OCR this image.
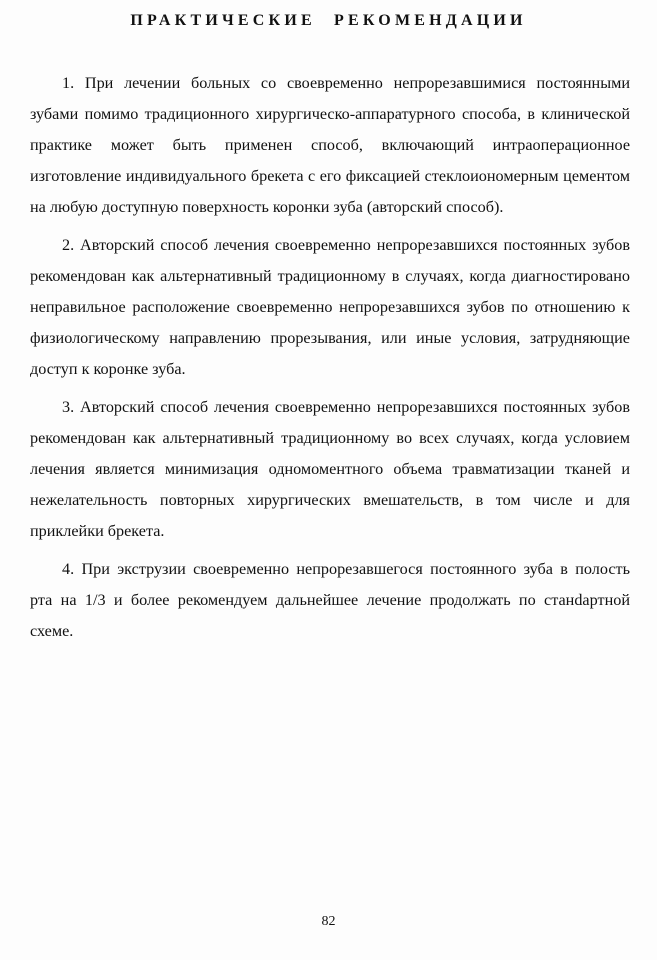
ПРАКТИЧЕСКИЕ РЕКОМЕНДАЦИИ

1. При лечении больных со своевременно непрорезавшимися постоянными зубами помимо традиционного хирургическо-аппаратурного способа, в клинической практике может быть применен способ, включающий интраоперационное изготовление индивидуального брекета с его фиксацией стеклоиономерным цементом на любую доступную поверхность коронки зуба (авторский способ).

2. Авторский способ лечения своевременно непрорезавшихся постоянных зубов рекомендован как альтернативный традиционному в случаях, когда диагностировано неправильное расположение своевременно непрорезавшихся зубов по отношению к физиологическому направлению прорезывания, или иные условия, затрудняющие доступ к коронке зуба.

3. Авторский способ лечения своевременно непрорезавшихся постоянных зубов рекомендован как альтернативный традиционному во всех случаях, когда условием лечения является минимизация одномоментного объема травматизации тканей и нежелательность повторных хирургических вмешательств, в том числе и для приклейки брекета.

4. При экструзии своевременно непрорезавшегося постоянного зуба в полость рта на 1/3 и более рекомендуем дальнейшее лечение продолжать по станdартной схеме.

82
